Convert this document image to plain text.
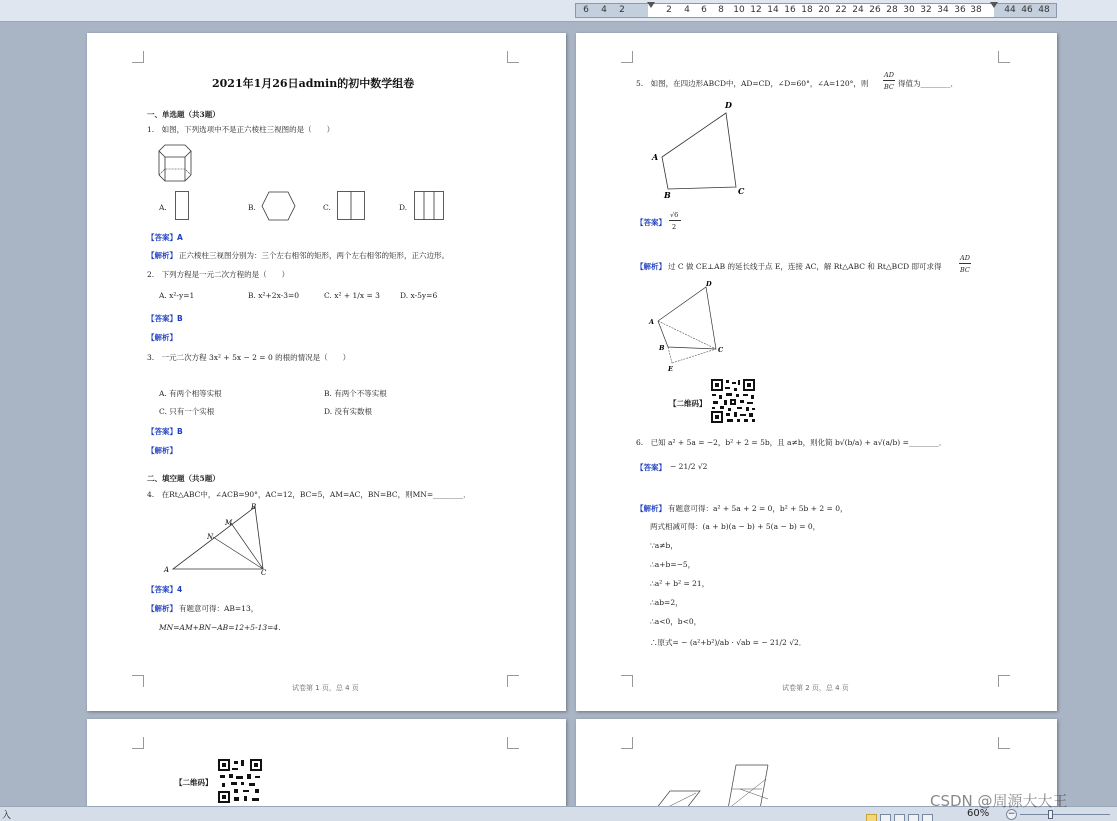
6 4 2	2 4 6 8 10 12 14 16 18 20 22 24 26 28 30 32 34 36 38	44 46 48
2021年1月26日admin的初中数学组卷
一、单选题（共3题）
1.　如图，下列选项中不是正六棱柱三视图的是（　　）
A.	B.	C.	D.
【答案】A
【解析】 正六棱柱三视图分别为：三个左右相邻的矩形，两个左右相邻的矩形，正六边形。
2.　下列方程是一元二次方程的是（　　）
A. x²-y=1	B. x²+2x-3=0	C. x² + 1/x = 3	D. x-5y=6
【答案】B
【解析】
3.　一元二次方程 3x² + 5x − 2 = 0 的根的情况是（　　）
A. 有两个相等实根	B. 有两个不等实根
C. 只有一个实根	D. 没有实数根
【答案】B
【解析】
二、填空题（共5题）
4.　在Rt△ABC中，∠ACB=90°，AC=12，BC=5，AM=AC，BN=BC，则MN=________．
B
M
N
A	C
【答案】4
【解析】 有题意可得：AB=13，
MN=AM+BN−AB=12+5-13=4．
试卷第 1 页，总 4 页
5.　如图，在四边形ABCD中，AD=CD，∠D=60°，∠A=120°，则
AD
BC 得值为________．
D
A
B	C
【答案】
√6
2
【解析】 过 C 做 CE⊥AB 的延长线于点 E，连接 AC，解 Rt△ABC 和 Rt△BCD 即可求得
AD
BC
D
A
B	C
E
【二维码】
6.　已知 a² + 5a = −2，b² + 2 = 5b，且 a≠b，则化简 b√(b/a) + a√(a/b) =________．
【答案】 − 21/2 √2
【解析】 有题意可得：a² + 5a + 2 = 0，b² + 5b + 2 = 0，
两式相减可得：(a + b)(a − b) + 5(a − b) = 0，
∵a≠b，
∴a+b=−5，
∴a² + b² = 21，
∴ab=2，
∴a<0，b<0，
∴原式= − (a²+b²)/ab · √ab = − 21/2 √2．
试卷第 2 页，总 4 页
【二维码】
入	60% −
CSDN @周源大大王
